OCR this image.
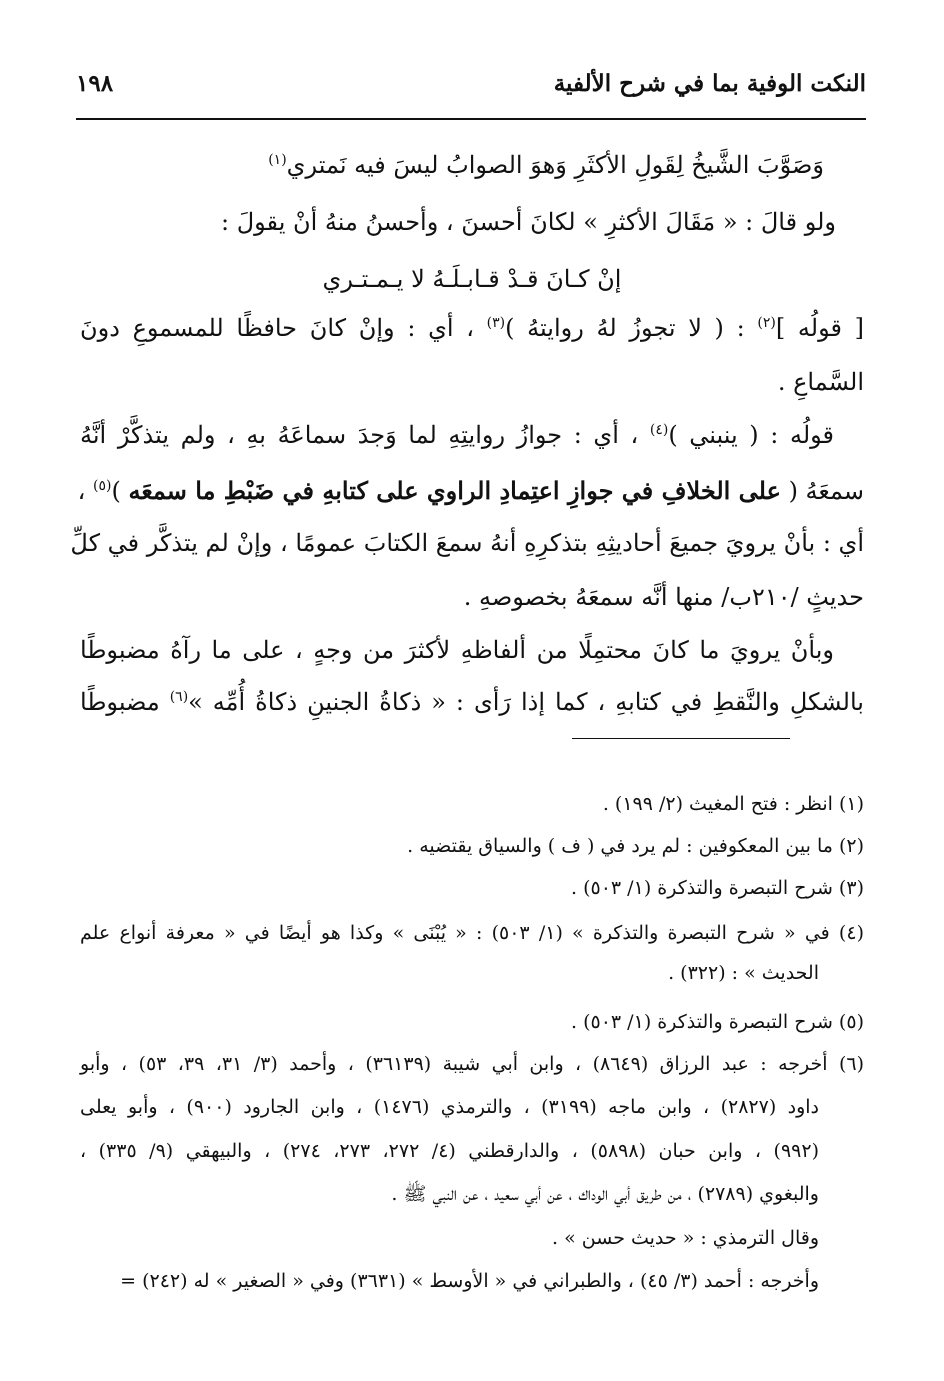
النكت الوفية بما في شرح الألفية
١٩٨
وَصَوَّبَ الشَّيخُ لِقَولِ الأكثَرِ وَهوَ الصوابُ ليسَ فيه نَمتري$^{(١)}$
ولو قالَ : « مَقَالَ الأكثرِ » لكانَ أحسنَ ، وأحسنُ منهُ أنْ يقولَ :
إنْ كـانَ قـدْ قـابـلَـهُ لا يـمـتـري
[ قولُه ]$^{(٢)}$ : ( لا تجوزُ لهُ روايتهُ )$^{(٣)}$ ، أي : وإنْ كانَ حافظًا للمسموعِ دونَ
السَّماعِ .
قولُه : ( ينبني )$^{(٤)}$ ، أي : جوازُ روايتِهِ لما وَجدَ سماعَهُ بهِ ، ولم يتذكَّرْ أنَّهُ
سمعَهُ ( على الخلافِ في جوازِ اعتِمادِ الراوي على كتابهِ في ضَبْطِ ما سمعَه )$^{(٥)}$ ،
أي : بأنْ يرويَ جميعَ أحاديثِهِ بتذكرِهِ أنهُ سمعَ الكتابَ عمومًا ، وإنْ لم يتذكَّر في كلِّ
حديثٍ /٢١٠ب/ منها أنَّه سمعَهُ بخصوصهِ .
وبأنْ يرويَ ما كانَ محتمِلًا من ألفاظهِ لأكثرَ من وجهٍ ، على ما رآهُ مضبوطًا
بالشكلِ والنَّقطِ في كتابهِ ، كما إذا رَأى : « ذكاةُ الجنينِ ذكاةُ أُمِّه »$^{(٦)}$ مضبوطًا
(١) انظر : فتح المغيث (٢/ ١٩٩) .
(٢) ما بين المعكوفين : لم يرد في ( ف ) والسياق يقتضيه .
(٣) شرح التبصرة والتذكرة (١/ ٥٠٣) .
(٤) في « شرح التبصرة والتذكرة » (١/ ٥٠٣) : « يُبْنَى » وكذا هو أيضًا في « معرفة أنواع علم
الحديث » : (٣٢٢) .
(٥) شرح التبصرة والتذكرة (١/ ٥٠٣) .
(٦) أخرجه : عبد الرزاق (٨٦٤٩) ، وابن أبي شيبة (٣٦١٣٩) ، وأحمد (٣/ ٣١، ٣٩، ٥٣) ، وأبو
داود (٢٨٢٧) ، وابن ماجه (٣١٩٩) ، والترمذي (١٤٧٦) ، وابن الجارود (٩٠٠) ، وأبو يعلى
(٩٩٢) ، وابن حبان (٥٨٩٨) ، والدارقطني (٤/ ٢٧٢، ٢٧٣، ٢٧٤) ، والبيهقي (٩/ ٣٣٥) ،
والبغوي (٢٧٨٩) ، من طريق أبي الوداك ، عن أبي سعيد ، عن النبي ﷺ .
وقال الترمذي : « حديث حسن » .
وأخرجه : أحمد (٣/ ٤٥) ، والطبراني في « الأوسط » (٣٦٣١) وفي « الصغير » له (٢٤٢) =
